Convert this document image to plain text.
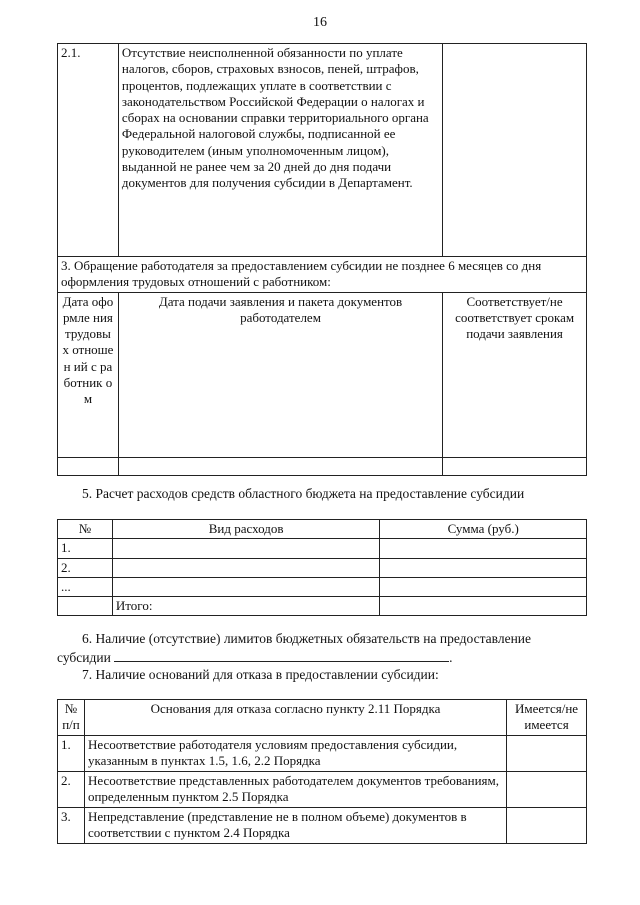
16
2.1.	Отсутствие неисполненной обязанности по уплате налогов, сборов, страховых взносов, пеней, штрафов, процентов, подлежащих уплате в соответствии с законодательством Российской Федерации о налогах и сборах на основании справки территориального органа Федеральной налоговой службы, подписанной ее руководителем (иным уполномоченным лицом), выданной не ранее чем за 20 дней до дня подачи документов для получения субсидии в Департамент.	
3. Обращение работодателя за предоставлением субсидии не позднее 6 месяцев со дня оформления трудовых отношений с работником:		
Дата оформле ния трудовы х отношен ий с работник ом	Дата подачи заявления и пакета документов работодателем	Соответствует/не соответствует срокам подачи заявления

5. Расчет расходов средств областного бюджета на предоставление субсидии
№	Вид расходов	Сумма (руб.)
1.		
2.		
...		
	Итого:	
6. Наличие (отсутствие) лимитов бюджетных обязательств на предоставление
субсидии	.
7. Наличие оснований для отказа в предоставлении субсидии:
№ п/п	Основания для отказа согласно пункту 2.11 Порядка	Имеется/не имеется
1.	Несоответствие работодателя условиям предоставления субсидии, указанным в пунктах 1.5, 1.6, 2.2 Порядка	
2.	Несоответствие представленных работодателем документов требованиям, определенным пунктом 2.5 Порядка	
3.	Непредставление (представление не в полном объеме) документов в соответствии с пунктом 2.4 Порядка	
